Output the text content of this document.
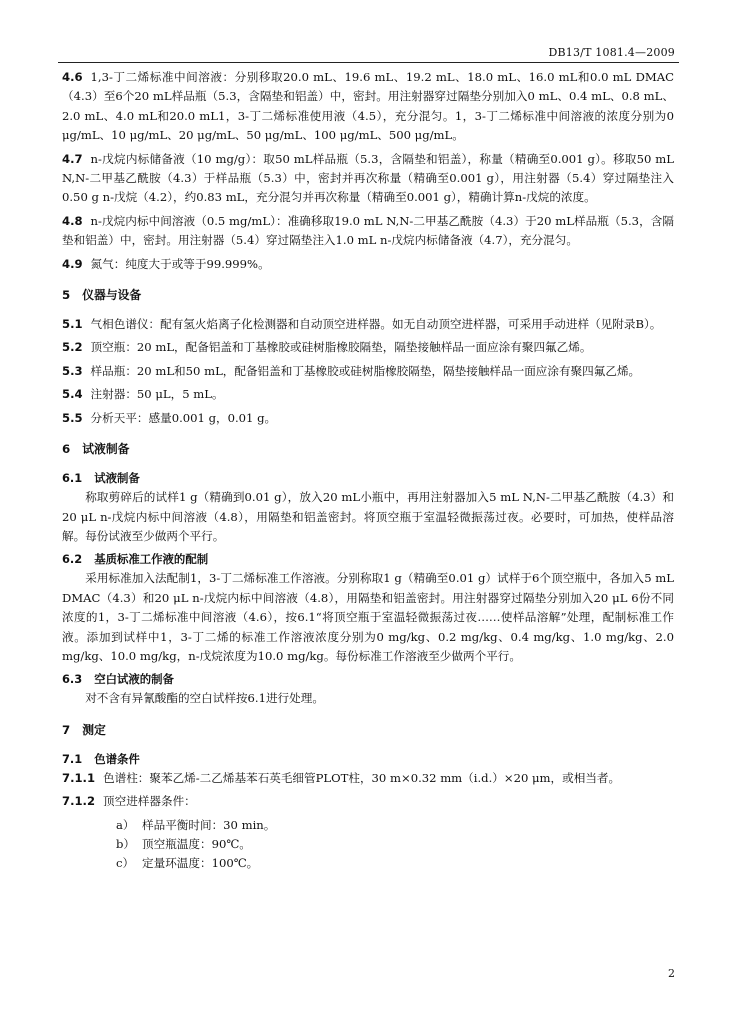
DB13/T 1081.4—2009

4.6 1,3-丁二烯标准中间溶液：分别移取20.0 mL、19.6 mL、19.2 mL、18.0 mL、16.0 mL和0.0 mL DMAC（4.3）至6个20 mL样品瓶（5.3，含隔垫和铝盖）中，密封。用注射器穿过隔垫分别加入0 mL、0.4 mL、0.8 mL、2.0 mL、4.0 mL和20.0 mL1，3-丁二烯标准使用液（4.5），充分混匀。1，3-丁二烯标准中间溶液的浓度分别为0 μg/mL、10 μg/mL、20 μg/mL、50 μg/mL、100 μg/mL、500 μg/mL。

4.7 n-戊烷内标储备液（10 mg/g）：取50 mL样品瓶（5.3，含隔垫和铝盖），称量（精确至0.001 g）。移取50 mL N,N-二甲基乙酰胺（4.3）于样品瓶（5.3）中，密封并再次称量（精确至0.001 g），用注射器（5.4）穿过隔垫注入0.50 g n-戊烷（4.2），约0.83 mL，充分混匀并再次称量（精确至0.001 g），精确计算n-戊烷的浓度。

4.8 n-戊烷内标中间溶液（0.5 mg/mL）：准确移取19.0 mL N,N-二甲基乙酰胺（4.3）于20 mL样品瓶（5.3，含隔垫和铝盖）中，密封。用注射器（5.4）穿过隔垫注入1.0 mL n-戊烷内标储备液（4.7），充分混匀。

4.9 氮气：纯度大于或等于99.999%。

5 仪器与设备

5.1 气相色谱仪：配有氢火焰离子化检测器和自动顶空进样器。如无自动顶空进样器，可采用手动进样（见附录B）。

5.2 顶空瓶：20 mL，配备铝盖和丁基橡胶或硅树脂橡胶隔垫，隔垫接触样品一面应涂有聚四氟乙烯。

5.3 样品瓶：20 mL和50 mL，配备铝盖和丁基橡胶或硅树脂橡胶隔垫，隔垫接触样品一面应涂有聚四氟乙烯。

5.4 注射器：50 μL，5 mL。

5.5 分析天平：感量0.001 g，0.01 g。

6 试液制备
6.1 试液制备

称取剪碎后的试样1 g（精确到0.01 g），放入20 mL小瓶中，再用注射器加入5 mL N,N-二甲基乙酰胺（4.3）和20 μL n-戊烷内标中间溶液（4.8），用隔垫和铝盖密封。将顶空瓶于室温轻微振荡过夜。必要时，可加热，使样品溶解。每份试液至少做两个平行。

6.2 基质标准工作液的配制

采用标准加入法配制1，3-丁二烯标准工作溶液。分别称取1 g（精确至0.01 g）试样于6个顶空瓶中，各加入5 mL DMAC（4.3）和20 μL n-戊烷内标中间溶液（4.8），用隔垫和铝盖密封。用注射器穿过隔垫分别加入20 μL 6份不同浓度的1，3-丁二烯标准中间溶液（4.6），按6.1“将顶空瓶于室温轻微振荡过夜……使样品溶解”处理，配制标准工作液。添加到试样中1，3-丁二烯的标准工作溶液浓度分别为0 mg/kg、0.2 mg/kg、0.4 mg/kg、1.0 mg/kg、2.0 mg/kg、10.0 mg/kg，n-戊烷浓度为10.0 mg/kg。每份标准工作溶液至少做两个平行。

6.3 空白试液的制备

对不含有异氰酸酯的空白试样按6.1进行处理。

7 测定
7.1 色谱条件

7.1.1 色谱柱：聚苯乙烯-二乙烯基苯石英毛细管PLOT柱，30 m×0.32 mm（i.d.）×20 μm，或相当者。

7.1.2 顶空进样器条件：

a） 样品平衡时间：30 min。

b） 顶空瓶温度：90℃。

c） 定量环温度：100℃。

2
